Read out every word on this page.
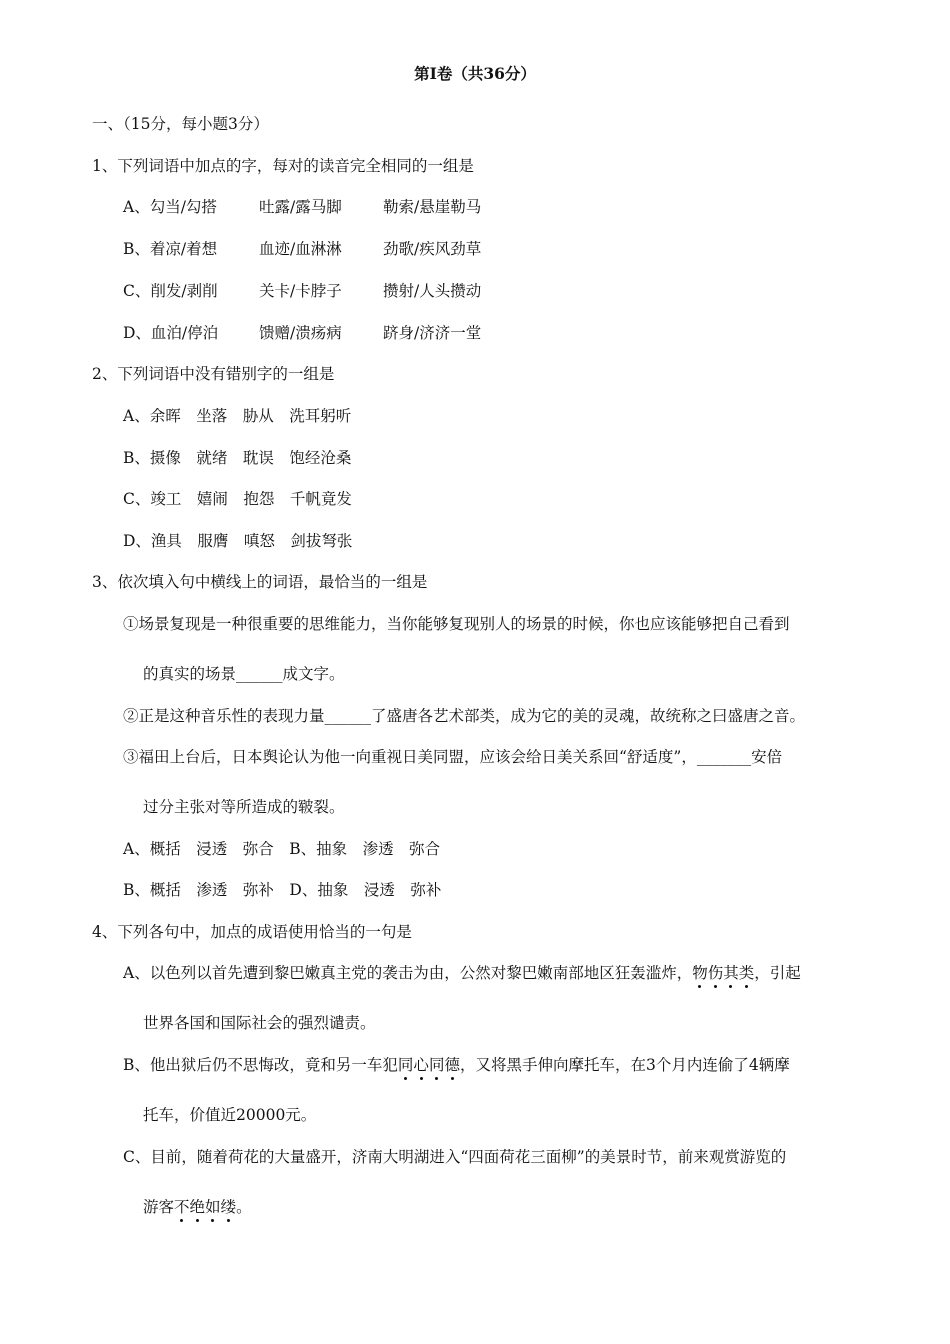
第Ⅰ卷（共36分）
一、（15分，每小题3分）
1、下列词语中加点的字，每对的读音完全相同的一组是
A、勾当/勾搭	吐露/露马脚	勒索/悬崖勒马
B、着凉/着想	血迹/血淋淋	劲歌/疾风劲草
C、削发/剥削	关卡/卡脖子	攒射/人头攒动
D、血泊/停泊	馈赠/溃疡病	跻身/济济一堂
2、下列词语中没有错别字的一组是
A、余晖　坐落　胁从　洗耳躬听
B、摄像　就绪　耽误　饱经沧桑
C、竣工　嬉闹　抱怨　千帆竟发
D、渔具　服膺　嗔怒　剑拔弩张
3、依次填入句中横线上的词语，最恰当的一组是
①场景复现是一种很重要的思维能力，当你能够复现别人的场景的时候，你也应该能够把自己看到
的真实的场景______成文字。
②正是这种音乐性的表现力量______了盛唐各艺术部类，成为它的美的灵魂，故统称之曰盛唐之音。
③福田上台后，日本舆论认为他一向重视日美同盟，应该会给日美关系回“舒适度”，_______安倍
过分主张对等所造成的皲裂。
A、概括　浸透　弥合　B、抽象　渗透　弥合
B、概括　渗透　弥补　D、抽象　浸透　弥补
4、下列各句中，加点的成语使用恰当的一句是
A、以色列以首先遭到黎巴嫩真主党的袭击为由，公然对黎巴嫩南部地区狂轰滥炸，物伤其类，引起
世界各国和国际社会的强烈谴责。
B、他出狱后仍不思悔改，竟和另一车犯同心同德，又将黑手伸向摩托车，在3个月内连偷了4辆摩
托车，价值近20000元。
C、目前，随着荷花的大量盛开，济南大明湖进入“四面荷花三面柳”的美景时节，前来观赏游览的
游客不绝如缕。
